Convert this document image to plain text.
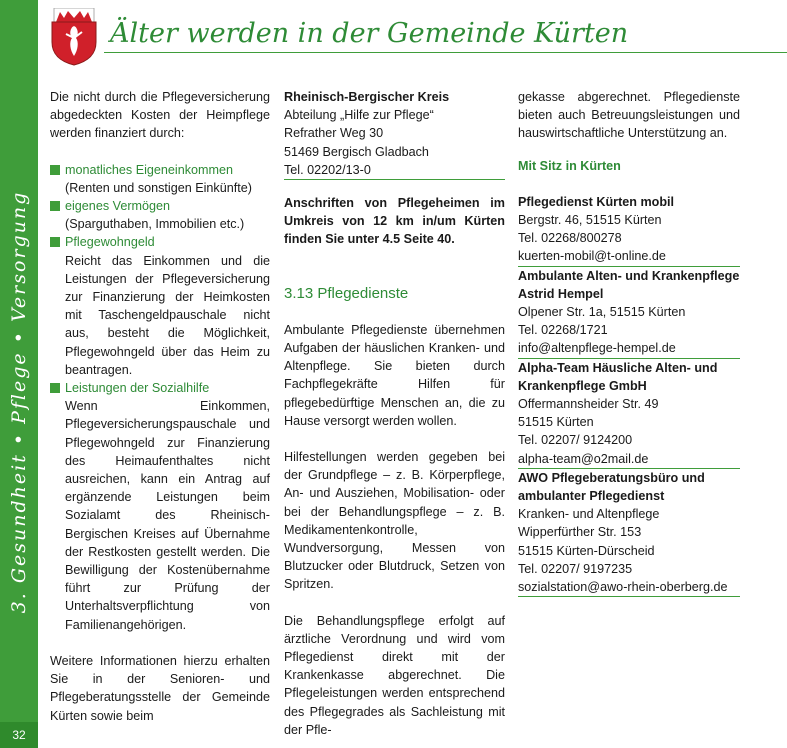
3. Gesundheit • Pflege • Versorgung
32
Älter werden in der Gemeinde Kürten

Die nicht durch die Pflegeversicherung abgedeckten Kosten der Heimpflege werden finanziert durch:

monatliches Eigeneinkommen

(Renten und sonstigen Einkünfte)

eigenes Vermögen

(Sparguthaben, Immobilien etc.)

Pflegewohngeld

Reicht das Einkommen und die Leistungen der Pflegeversicherung zur Finanzierung der Heimkosten mit Taschengeldpauschale nicht aus, besteht die Möglichkeit, Pflegewohngeld über das Heim zu beantragen.

Leistungen der Sozialhilfe

Wenn Einkommen, Pflegeversicherungspauschale und Pflegewohngeld zur Finanzierung des Heimaufenthaltes nicht ausreichen, kann ein Antrag auf ergänzende Leistungen beim Sozialamt des Rheinisch-Bergischen Kreises auf Übernahme der Restkosten gestellt werden. Die Bewilligung der Kostenübernahme führt zur Prüfung der Unterhaltsverpflichtung von Familienangehörigen.

Weitere Informationen hierzu erhalten Sie in der Senioren- und Pflegeberatungsstelle der Gemeinde Kürten sowie beim

Rheinisch-Bergischer Kreis

Abteilung „Hilfe zur Pflege“

Refrather Weg 30

51469 Bergisch Gladbach

Tel. 02202/13-0

Anschriften von Pflegeheimen im Umkreis von 12 km in/um Kürten finden Sie unter 4.5 Seite 40.

3.13 Pflegedienste

Ambulante Pflegedienste übernehmen Aufgaben der häuslichen Kranken- und Altenpflege. Sie bieten durch Fachpflegekräfte Hilfen für pflegebedürftige Menschen an, die zu Hause versorgt werden wollen.

Hilfestellungen werden gegeben bei der Grundpflege – z. B. Körperpflege, An- und Ausziehen, Mobilisation- oder bei der Behandlungspflege – z. B. Medikamentenkontrolle, Wundversorgung, Messen von Blutzucker oder Blutdruck, Setzen von Spritzen.

Die Behandlungspflege erfolgt auf ärztliche Verordnung und wird vom Pflegedienst direkt mit der Krankenkasse abgerechnet. Die Pflegeleistungen werden entsprechend des Pflegegrades als Sachleistung mit der Pfle-

gekasse abgerechnet. Pflegedienste bieten auch Betreuungsleistungen und hauswirtschaftliche Unterstützung an.

Mit Sitz in Kürten

Pflegedienst Kürten mobil

Bergstr. 46, 51515 Kürten

Tel. 02268/800278

kuerten-mobil@t-online.de

Ambulante Alten- und Krankenpflege Astrid Hempel

Olpener Str. 1a, 51515 Kürten

Tel. 02268/1721

info@altenpflege-hempel.de

Alpha-Team Häusliche Alten- und Krankenpflege GmbH

Offermannsheider Str. 49

51515 Kürten

Tel. 02207/ 9124200

alpha-team@o2mail.de

AWO Pflegeberatungsbüro und ambulanter Pflegedienst

Kranken- und Altenpflege

Wipperfürther Str. 153

51515 Kürten-Dürscheid

Tel. 02207/ 9197235

sozialstation@awo-rhein-oberberg.de
